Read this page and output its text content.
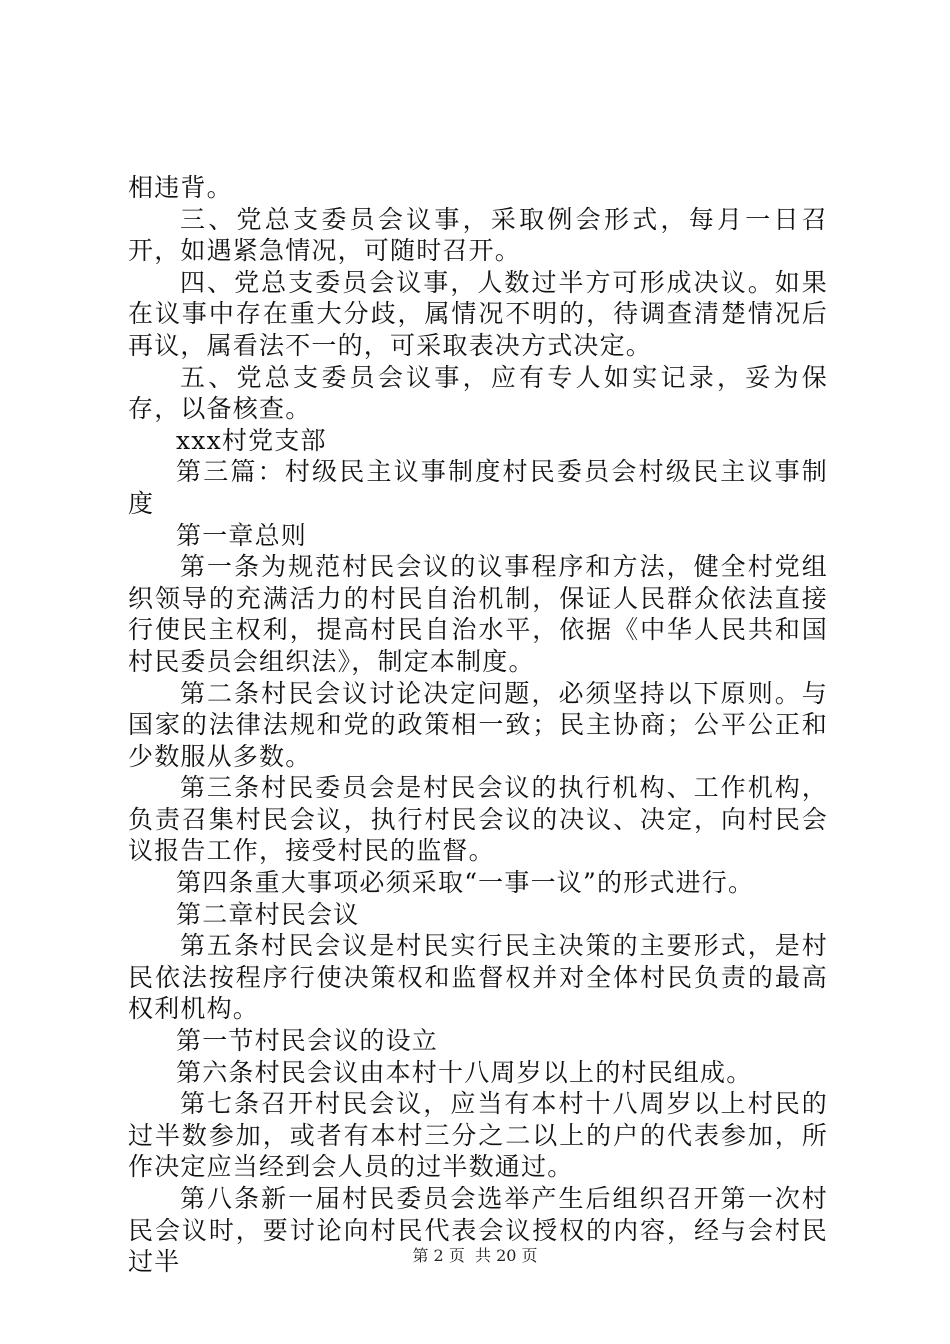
相违背。

三、党总支委员会议事，采取例会形式，每月一日召开，如遇紧急情况，可随时召开。

四、党总支委员会议事，人数过半方可形成决议。如果在议事中存在重大分歧，属情况不明的，待调查清楚情况后再议，属看法不一的，可采取表决方式决定。

五、党总支委员会议事，应有专人如实记录，妥为保存，以备核查。

xxx村党支部

第三篇：村级民主议事制度村民委员会村级民主议事制度

第一章总则

第一条为规范村民会议的议事程序和方法，健全村党组织领导的充满活力的村民自治机制，保证人民群众依法直接行使民主权利，提高村民自治水平，依据《中华人民共和国村民委员会组织法》，制定本制度。

第二条村民会议讨论决定问题，必须坚持以下原则。与国家的法律法规和党的政策相一致；民主协商；公平公正和少数服从多数。

第三条村民委员会是村民会议的执行机构、工作机构，负责召集村民会议，执行村民会议的决议、决定，向村民会议报告工作，接受村民的监督。

第四条重大事项必须采取“一事一议”的形式进行。

第二章村民会议

第五条村民会议是村民实行民主决策的主要形式，是村民依法按程序行使决策权和监督权并对全体村民负责的最高权利机构。

第一节村民会议的设立

第六条村民会议由本村十八周岁以上的村民组成。

第七条召开村民会议，应当有本村十八周岁以上村民的过半数参加，或者有本村三分之二以上的户的代表参加，所作决定应当经到会人员的过半数通过。

第八条新一届村民委员会选举产生后组织召开第一次村民会议时，要讨论向村民代表会议授权的内容，经与会村民过半	第 2 页  共 20 页
